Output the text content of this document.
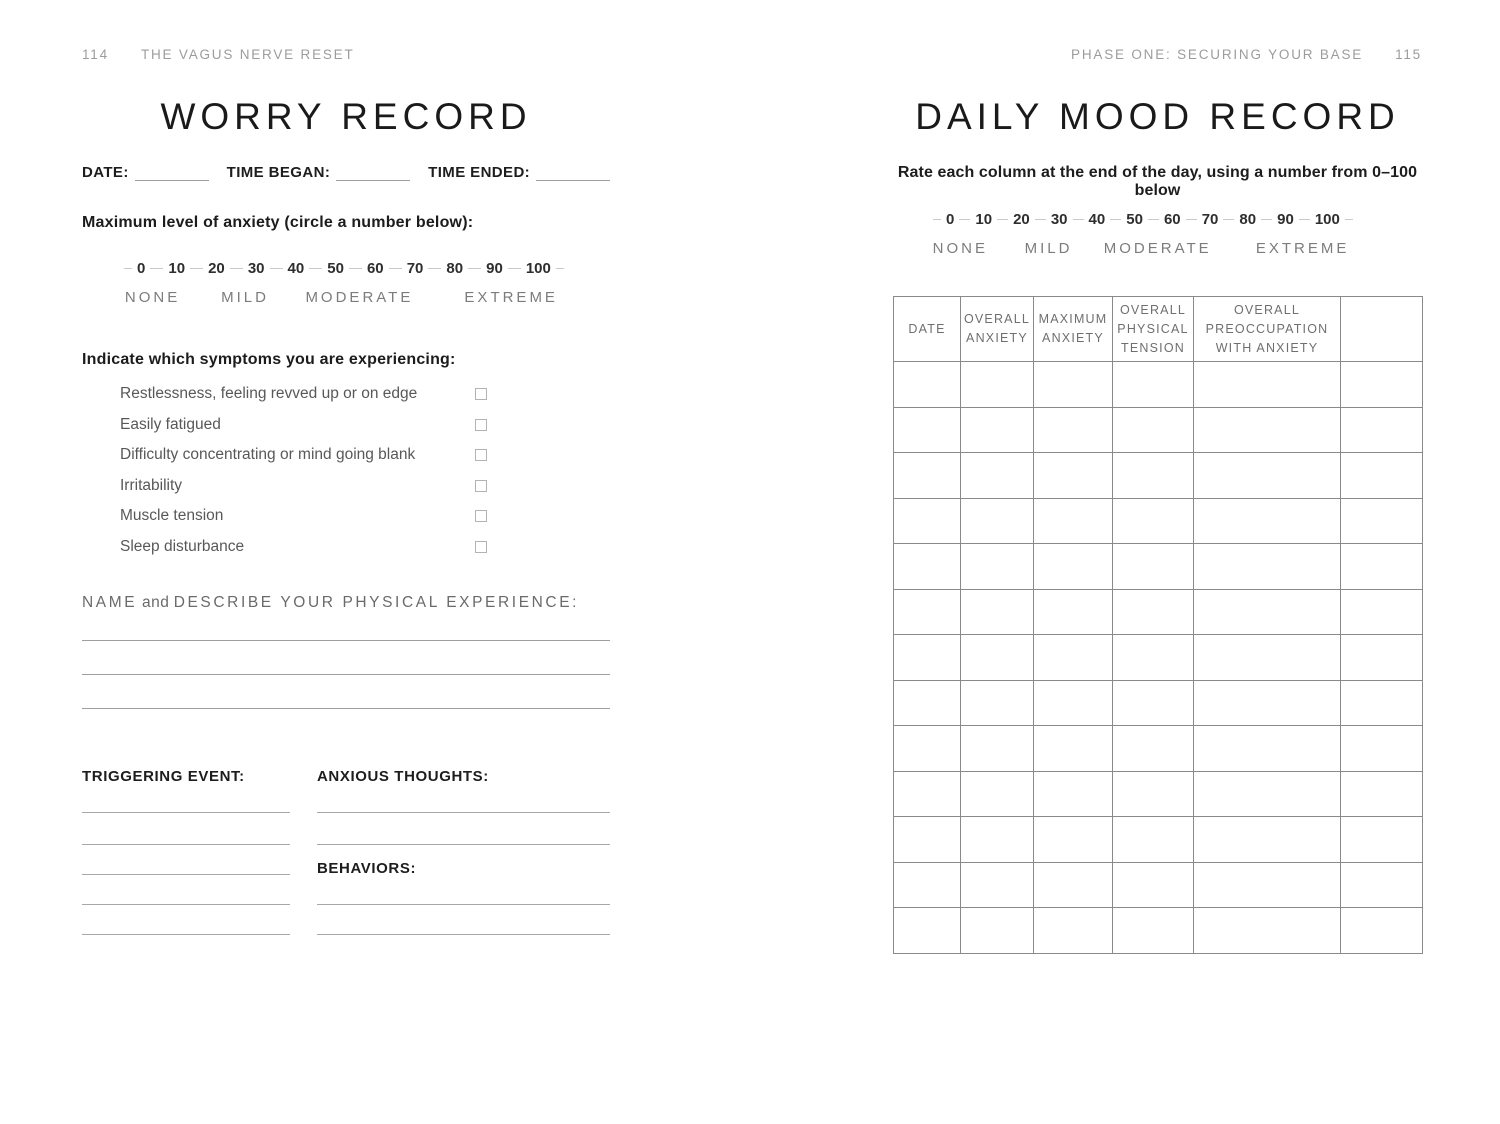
114 THE VAGUS NERVE RESET
WORRY RECORD
DATE:	TIME BEGAN:	TIME ENDED:
Maximum level of anxiety (circle a number below):
0	10	20	30	40	50	60	70	80	90	100
NONE	MILD MODERATE	EXTREME
Indicate which symptoms you are experiencing:
Restlessness, feeling revved up or on edge
Easily fatigued
Difficulty concentrating or mind going blank
Irritability
Muscle tension
Sleep disturbance
NAME and DESCRIBE YOUR PHYSICAL EXPERIENCE:
TRIGGERING EVENT:	ANXIOUS THOUGHTS:
BEHAVIORS:
PHASE ONE: SECURING YOUR BASE 115
DAILY MOOD RECORD
Rate each column at the end of the day, using a number from 0–100 below
0	10	20	30	40	50	60	70	80	90	100
NONE MILD MODERATE	EXTREME
DATE	OVERALL ANXIETY	MAXIMUM ANXIETY	OVERALL PHYSICAL TENSION	OVERALL PREOCCUPATION WITH ANXIETY	
